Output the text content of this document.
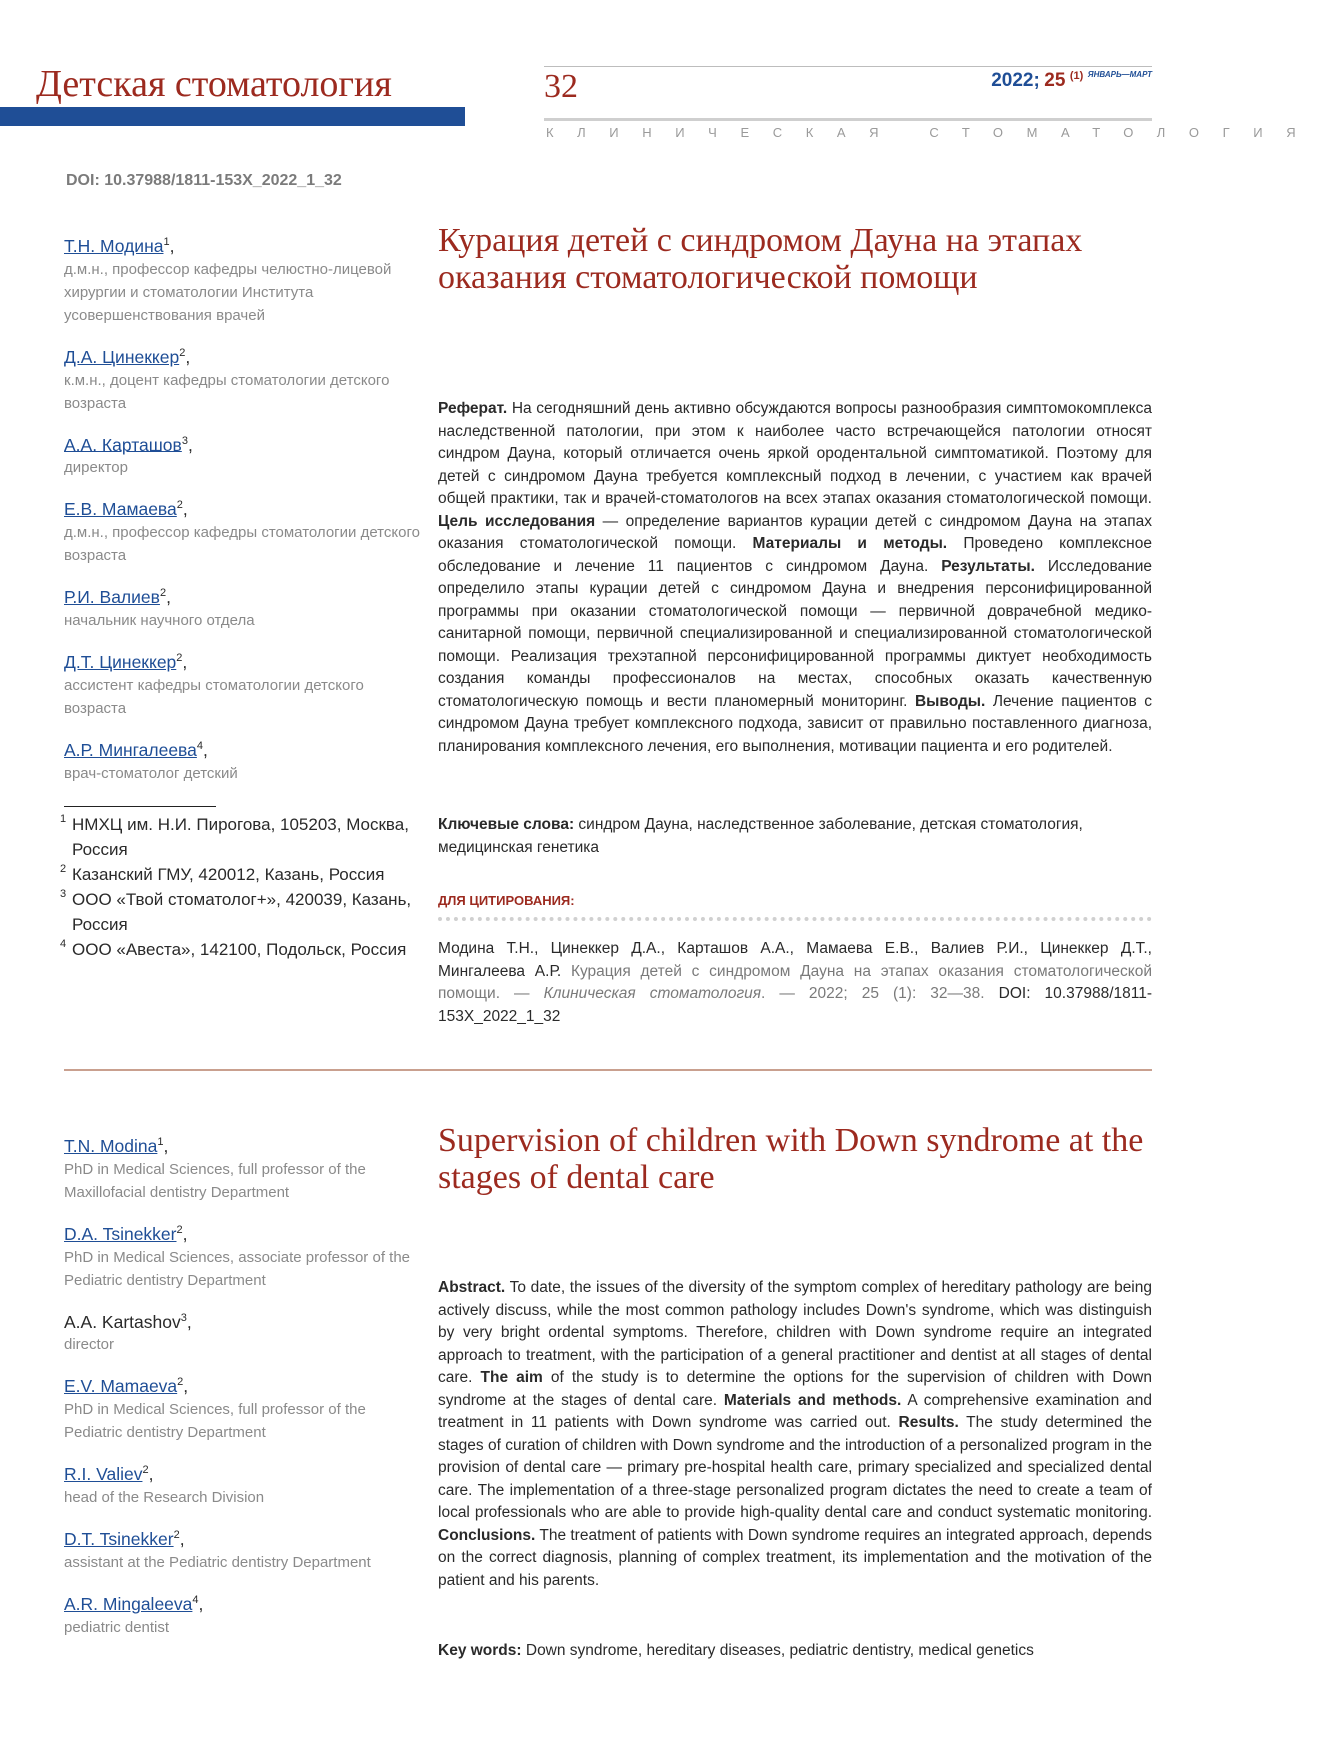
Детская стоматология	32	2022; 25 $^{(1)}$ $^{ЯНВАРЬ—МАРТ}$
КЛИНИЧЕСКАЯ СТОМАТОЛОГИЯ
DOI: 10.37988/1811-153X_2022_1_32
Т.Н. Модина$^1$,
д.м.н., профессор кафедры челюстно-лицевой хирургии и стоматологии Института усовершенствования врачей
Д.А. Цинеккер$^2$,
к.м.н., доцент кафедры стоматологии детского возраста
А.А. Карташов$^3$,
директор
Е.В. Мамаева$^2$,
д.м.н., профессор кафедры стоматологии детского возраста
Р.И. Валиев$^2$,
начальник научного отдела
Д.Т. Цинеккер$^2$,
ассистент кафедры стоматологии детского возраста
А.Р. Мингалеева$^4$,
врач-стоматолог детский
1 НМХЦ им. Н.И. Пирогова, 105203, Москва, Россия
2 Казанский ГМУ, 420012, Казань, Россия
3 ООО «Твой стоматолог+», 420039, Казань, Россия
4 ООО «Авеста», 142100, Подольск, Россия
Курация детей с синдромом Дауна на этапах оказания стоматологической помощи
Реферат. На сегодняшний день активно обсуждаются вопросы разнообразия симптомокомплекса наследственной патологии, при этом к наиболее часто встречающейся патологии относят синдром Дауна, который отличается очень яркой ородентальной симптоматикой. Поэтому для детей с синдромом Дауна требуется комплексный подход в лечении, с участием как врачей общей практики, так и врачей-стоматологов на всех этапах оказания стоматологической помощи. Цель исследования — определение вариантов курации детей с синдромом Дауна на этапах оказания стоматологической помощи. Материалы и методы. Проведено комплексное обследование и лечение 11 пациентов с синдромом Дауна. Результаты. Исследование определило этапы курации детей с синдромом Дауна и внедрения персонифицированной программы при оказании стоматологической помощи — первичной доврачебной медико-санитарной помощи, первичной специализированной и специализированной стоматологической помощи. Реализация трехэтапной персонифицированной программы диктует необходимость создания команды профессионалов на местах, способных оказать качественную стоматологическую помощь и вести планомерный мониторинг. Выводы. Лечение пациентов с синдромом Дауна требует комплексного подхода, зависит от правильно поставленного диагноза, планирования комплексного лечения, его выполнения, мотивации пациента и его родителей.
Ключевые слова: синдром Дауна, наследственное заболевание, детская стоматология, медицинская генетика
ДЛЯ ЦИТИРОВАНИЯ:
Модина Т.Н., Цинеккер Д.А., Карташов А.А., Мамаева Е.В., Валиев Р.И., Цинеккер Д.Т., Мингалеева А.Р. Курация детей с синдромом Дауна на этапах оказания стоматологической помощи. — Клиническая стоматология. — 2022; 25 (1): 32—38. DOI: 10.37988/1811-153X_2022_1_32
T.N. Modina$^1$,
PhD in Medical Sciences, full professor of the Maxillofacial dentistry Department
D.A. Tsinekker$^2$,
PhD in Medical Sciences, associate professor of the Pediatric dentistry Department
A.A. Kartashov$^3$,
director
E.V. Mamaeva$^2$,
PhD in Medical Sciences, full professor of the Pediatric dentistry Department
R.I. Valiev$^2$,
head of the Research Division
D.T. Tsinekker$^2$,
assistant at the Pediatric dentistry Department
A.R. Mingaleeva$^4$,
pediatric dentist
Supervision of children with Down syndrome at the stages of dental care
Abstract. To date, the issues of the diversity of the symptom complex of hereditary pathology are being actively discuss, while the most common pathology includes Down's syndrome, which was distinguish by very bright ordental symptoms. Therefore, children with Down syndrome require an integrated approach to treatment, with the participation of a general practitioner and dentist at all stages of dental care. The aim of the study is to determine the options for the supervision of children with Down syndrome at the stages of dental care. Materials and methods. A comprehensive examination and treatment in 11 patients with Down syndrome was carried out. Results. The study determined the stages of curation of children with Down syndrome and the introduction of a personalized program in the provision of dental care — primary pre-hospital health care, primary specialized and specialized dental care. The implementation of a three-stage personalized program dictates the need to create a team of local professionals who are able to provide high-quality dental care and conduct systematic monitoring. Conclusions. The treatment of patients with Down syndrome requires an integrated approach, depends on the correct diagnosis, planning of complex treatment, its implementation and the motivation of the patient and his parents.
Key words: Down syndrome, hereditary diseases, pediatric dentistry, medical genetics
